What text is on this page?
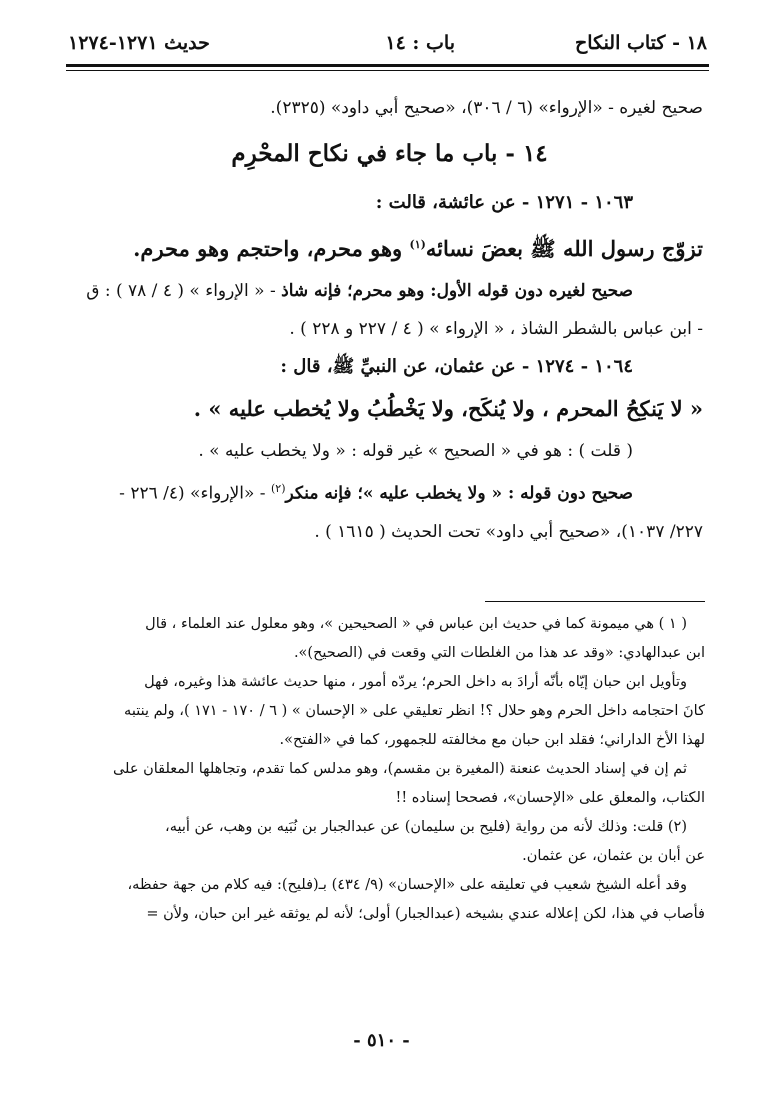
١٨ - كتاب النكاح
باب : ١٤
حديث ١٢٧١-١٢٧٤
صحيح لغيره - «الإرواء» (٦ / ٣٠٦)، «صحيح أبي داود» (٢٣٢٥).
١٤ - باب ما جاء في نكاح المحْرِم
١٠٦٣ - ١٢٧١ - عن عائشة، قالت :
تزوّج رسول الله ﷺ بعضَ نسائه$^{(١)}$ وهو محرم، واحتجم وهو محرم.
صحيح لغيره دون قوله الأول: وهو محرم؛ فإنه شاذ - « الإرواء » ( ٤ / ٧٨ ) : ق
- ابن عباس بالشطر الشاذ ، « الإرواء » ( ٤ / ٢٢٧ و ٢٢٨ ) .
١٠٦٤ - ١٢٧٤ - عن عثمان، عن النبيِّ ﷺ، قال :
« لا يَنكِحُ المحرم ، ولا يُنكَح، ولا يَخْطُبُ ولا يُخطب عليه » .
( قلت ) : هو في « الصحيح » غير قوله : « ولا يخطب عليه » .
صحيح دون قوله : « ولا يخطب عليه »؛ فإنه منكر$^{(٢)}$ - «الإرواء» (٤/ ٢٢٦ -
٢٢٧/ ١٠٣٧)، «صحيح أبي داود» تحت الحديث ( ١٦١٥ ) .
( ١ ) هي ميمونة كما في حديث ابن عباس في « الصحيحين »، وهو معلول عند العلماء ، قال
ابن عبدالهادي: «وقد عد هذا من الغلطات التي وقعت في (الصحيح)».
وتأويل ابن حبان إيّاه بأنّه أرادَ به داخل الحرم؛ يردّه أمور ، منها حديث عائشة هذا وغيره، فهل
كانَ احتجامه داخل الحرم وهو حلال ؟! انظر تعليقي على « الإحسان » ( ٦ / ١٧٠ - ١٧١ )، ولم ينتبه
لهذا الأخ الداراني؛ فقلد ابن حبان مع مخالفته للجمهور، كما في «الفتح».
ثم إن في إسناد الحديث عنعنة (المغيرة بن مقسم)، وهو مدلس كما تقدم، وتجاهلها المعلقان على
الكتاب، والمعلق على «الإحسان»، فصححا إسناده !!
(٢) قلت: وذلك لأنه من رواية (فليح بن سليمان) عن عبدالجبار بن نُبَيه بن وهب، عن أبيه،
عن أبان بن عثمان، عن عثمان.
وقد أعله الشيخ شعيب في تعليقه على «الإحسان» (٩/ ٤٣٤) بـ(فليح): فيه كلام من جهة حفظه،
فأصاب في هذا، لكن إعلاله عندي بشيخه (عبدالجبار) أولى؛ لأنه لم يوثقه غير ابن حبان، ولأن =
- ٥١٠ -
